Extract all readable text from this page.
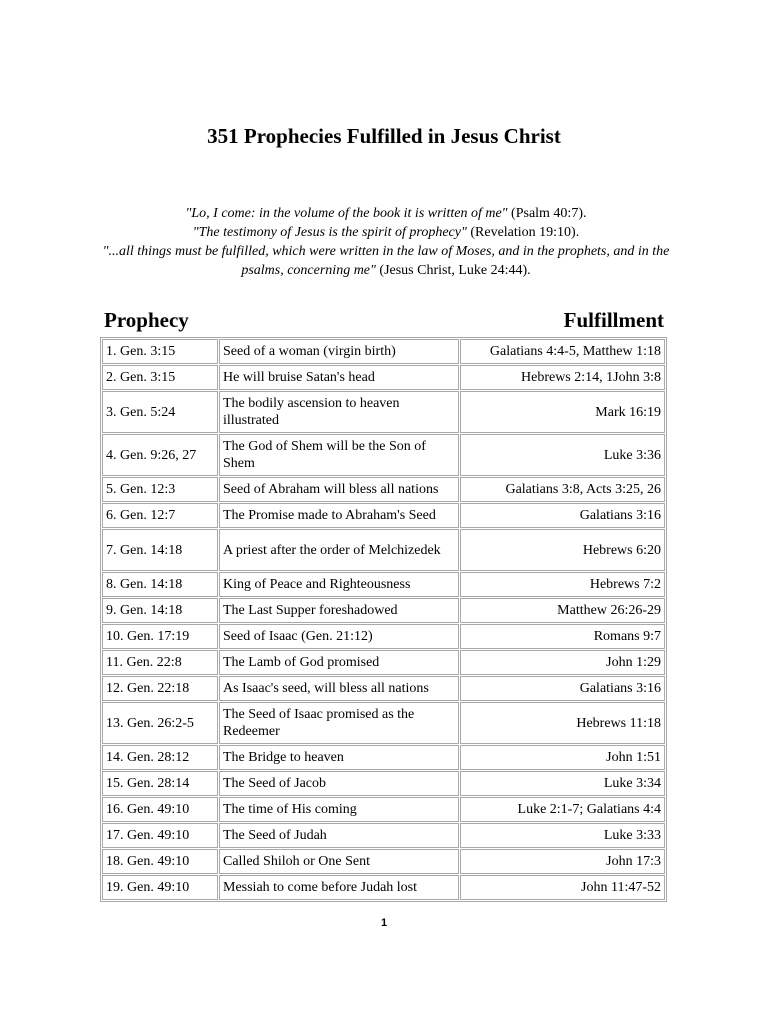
351 Prophecies Fulfilled in Jesus Christ

"Lo, I come: in the volume of the book it is written of me" (Psalm 40:7).

"The testimony of Jesus is the spirit of prophecy" (Revelation 19:10).

"...all things must be fulfilled, which were written in the law of Moses, and in the prophets, and in the psalms, concerning me" (Jesus Christ, Luke 24:44).

Prophecy	Fulfillment
1. Gen. 3:15	Seed of a woman (virgin birth)	Galatians 4:4-5, Matthew 1:18
2. Gen. 3:15	He will bruise Satan's head	Hebrews 2:14, 1John 3:8
3. Gen. 5:24	The bodily ascension to heaven illustrated	Mark 16:19
4. Gen. 9:26, 27	The God of Shem will be the Son of Shem	Luke 3:36
5. Gen. 12:3	Seed of Abraham will bless all nations	Galatians 3:8, Acts 3:25, 26
6. Gen. 12:7	The Promise made to Abraham's Seed	Galatians 3:16
7. Gen. 14:18	A priest after the order of Melchizedek	Hebrews 6:20
8. Gen. 14:18	King of Peace and Righteousness	Hebrews 7:2
9. Gen. 14:18	The Last Supper foreshadowed	Matthew 26:26-29
10. Gen. 17:19	Seed of Isaac (Gen. 21:12)	Romans 9:7
11. Gen. 22:8	The Lamb of God promised	John 1:29
12. Gen. 22:18	As Isaac's seed, will bless all nations	Galatians 3:16
13. Gen. 26:2-5	The Seed of Isaac promised as the Redeemer	Hebrews 11:18
14. Gen. 28:12	The Bridge to heaven	John 1:51
15. Gen. 28:14	The Seed of Jacob	Luke 3:34
16. Gen. 49:10	The time of His coming	Luke 2:1-7; Galatians 4:4
17. Gen. 49:10	The Seed of Judah	Luke 3:33
18. Gen. 49:10	Called Shiloh or One Sent	John 17:3
19. Gen. 49:10	Messiah to come before Judah lost	John 11:47-52
1
